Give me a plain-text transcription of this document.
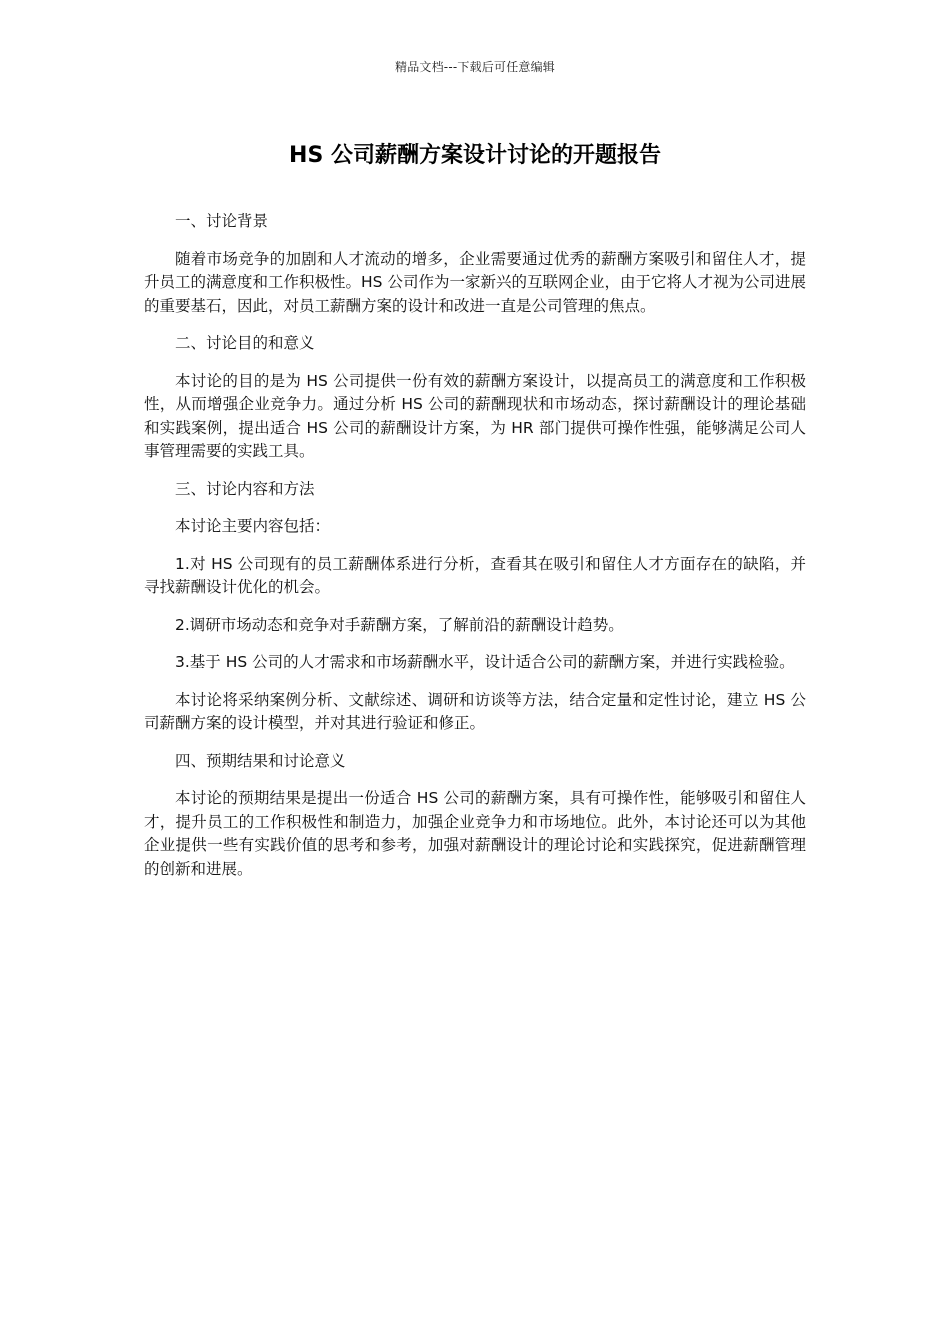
精品文档---下载后可任意编辑
HS 公司薪酬方案设计讨论的开题报告

一、讨论背景

随着市场竞争的加剧和人才流动的增多，企业需要通过优秀的薪酬方案吸引和留住人才，提升员工的满意度和工作积极性。HS 公司作为一家新兴的互联网企业，由于它将人才视为公司进展的重要基石，因此，对员工薪酬方案的设计和改进一直是公司管理的焦点。

二、讨论目的和意义

本讨论的目的是为 HS 公司提供一份有效的薪酬方案设计，以提高员工的满意度和工作积极性，从而增强企业竞争力。通过分析 HS 公司的薪酬现状和市场动态，探讨薪酬设计的理论基础和实践案例，提出适合 HS 公司的薪酬设计方案，为 HR 部门提供可操作性强，能够满足公司人事管理需要的实践工具。

三、讨论内容和方法

本讨论主要内容包括：

1.对 HS 公司现有的员工薪酬体系进行分析，查看其在吸引和留住人才方面存在的缺陷，并寻找薪酬设计优化的机会。

2.调研市场动态和竞争对手薪酬方案，了解前沿的薪酬设计趋势。

3.基于 HS 公司的人才需求和市场薪酬水平，设计适合公司的薪酬方案，并进行实践检验。

本讨论将采纳案例分析、文献综述、调研和访谈等方法，结合定量和定性讨论，建立 HS 公司薪酬方案的设计模型，并对其进行验证和修正。

四、预期结果和讨论意义

本讨论的预期结果是提出一份适合 HS 公司的薪酬方案，具有可操作性，能够吸引和留住人才，提升员工的工作积极性和制造力，加强企业竞争力和市场地位。此外，本讨论还可以为其他企业提供一些有实践价值的思考和参考，加强对薪酬设计的理论讨论和实践探究，促进薪酬管理的创新和进展。
